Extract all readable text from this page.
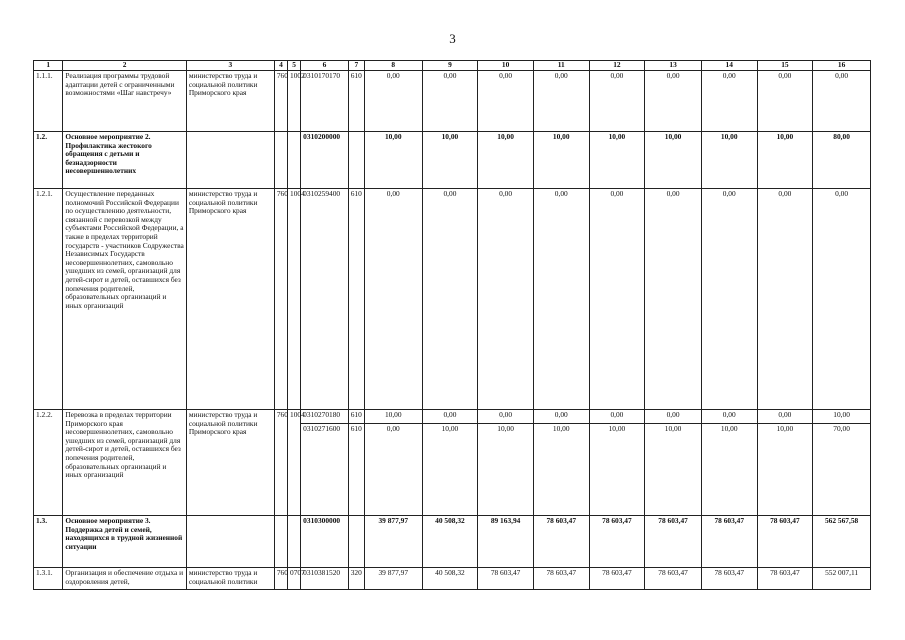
3
1	2	3	4	5	6	7	8	9	10	11	12	13	14	15	16
1.1.1.	Реализация программы трудовой адаптации детей с ограниченными возможностями «Шаг навстречу»	министерство труда и социальной политики Приморского края	760	1002	0310170170	610	0,00	0,00	0,00	0,00	0,00	0,00	0,00	0,00	0,00
1.2.	Основное мероприятие 2. Профилактика жестокого обращения с детьми и безнадзорности несовершеннолетних				0310200000		10,00	10,00	10,00	10,00	10,00	10,00	10,00	10,00	80,00
1.2.1.	Осуществление переданных полномочий Российской Федерации по осуществлению деятельности, связанной с перевозкой между субъектами Российской Федерации, а также в пределах территорий государств - участников Содружества Независимых Государств несовершеннолетних, самовольно ушедших из семей, организаций для детей-сирот и детей, оставшихся без попечения родителей, образовательных организаций и иных организаций	министерство труда и социальной политики Приморского края	760	1004	0310259400	610	0,00	0,00	0,00	0,00	0,00	0,00	0,00	0,00	0,00
1.2.2.	Перевозка в пределах территории Приморского края несовершеннолетних, самовольно ушедших из семей, организаций для детей-сирот и детей, оставшихся без попечения родителей, образовательных организаций и иных организаций	министерство труда и социальной политики Приморского края	760	1004	0310270180	610	10,00	0,00	0,00	0,00	0,00	0,00	0,00	0,00	10,00
					0310271600	610	0,00	10,00	10,00	10,00	10,00	10,00	10,00	10,00	70,00
1.3.	Основное мероприятие 3. Поддержка детей и семей, находящихся в трудной жизненной ситуации				0310300000		39 877,97	40 508,32	89 163,94	78 603,47	78 603,47	78 603,47	78 603,47	78 603,47	562 567,58
1.3.1.	Организация и обеспечение отдыха и оздоровления детей,	министерство труда и социальной политики	760	0707	0310381520	320	39 877,97	40 508,32	78 603,47	78 603,47	78 603,47	78 603,47	78 603,47	78 603,47	552 007,11
